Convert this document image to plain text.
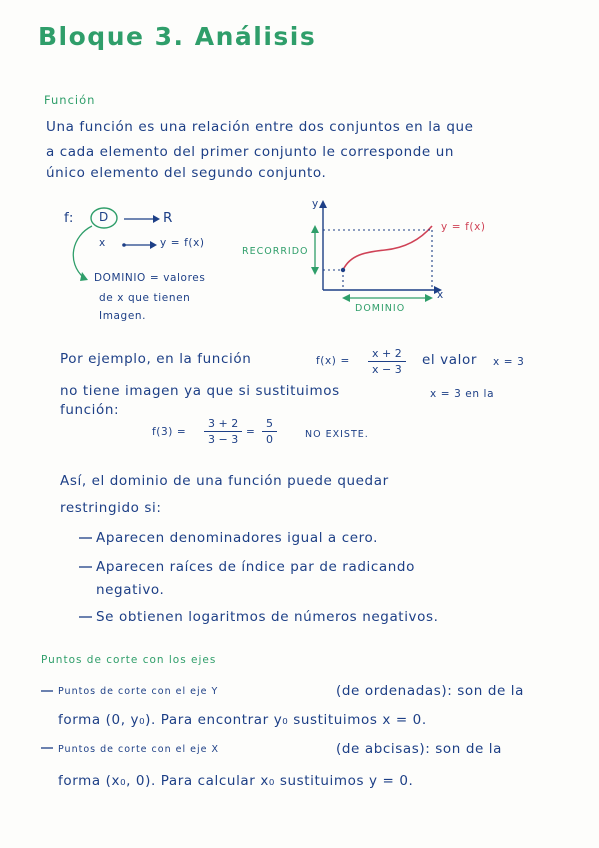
Bloque 3. Análisis
Función
Una función es una relación entre dos conjuntos en la que
a cada elemento del primer conjunto le corresponde un
único elemento del segundo conjunto.
f: D	R
x	y = f(x)
DOMINIO = valores
de x que tienen
Imagen.
y
x
y = f(x)
RECORRIDO
DOMINIO
Por ejemplo, en la función	$f(x) = \frac{x + 2}{x - 3}$ el valor x = 3
no tiene imagen ya que si sustituimos	x = 3 en la
función:
$f(3) = \frac{3 + 2}{3 - 3} = \frac{5}{0}$	NO EXISTE.
Así, el dominio de una función puede quedar
restringido si:
Aparecen denominadores igual a cero.
Aparecen raíces de índice par de radicando
negativo.
Se obtienen logaritmos de números negativos.
Puntos de corte con los ejes
Puntos de corte con el eje Y	(de ordenadas): son de la
forma (0, y₀). Para encontrar y₀ sustituimos x = 0.
Puntos de corte con el eje X	(de abcisas): son de la
forma (x₀, 0). Para calcular x₀ sustituimos y = 0.
